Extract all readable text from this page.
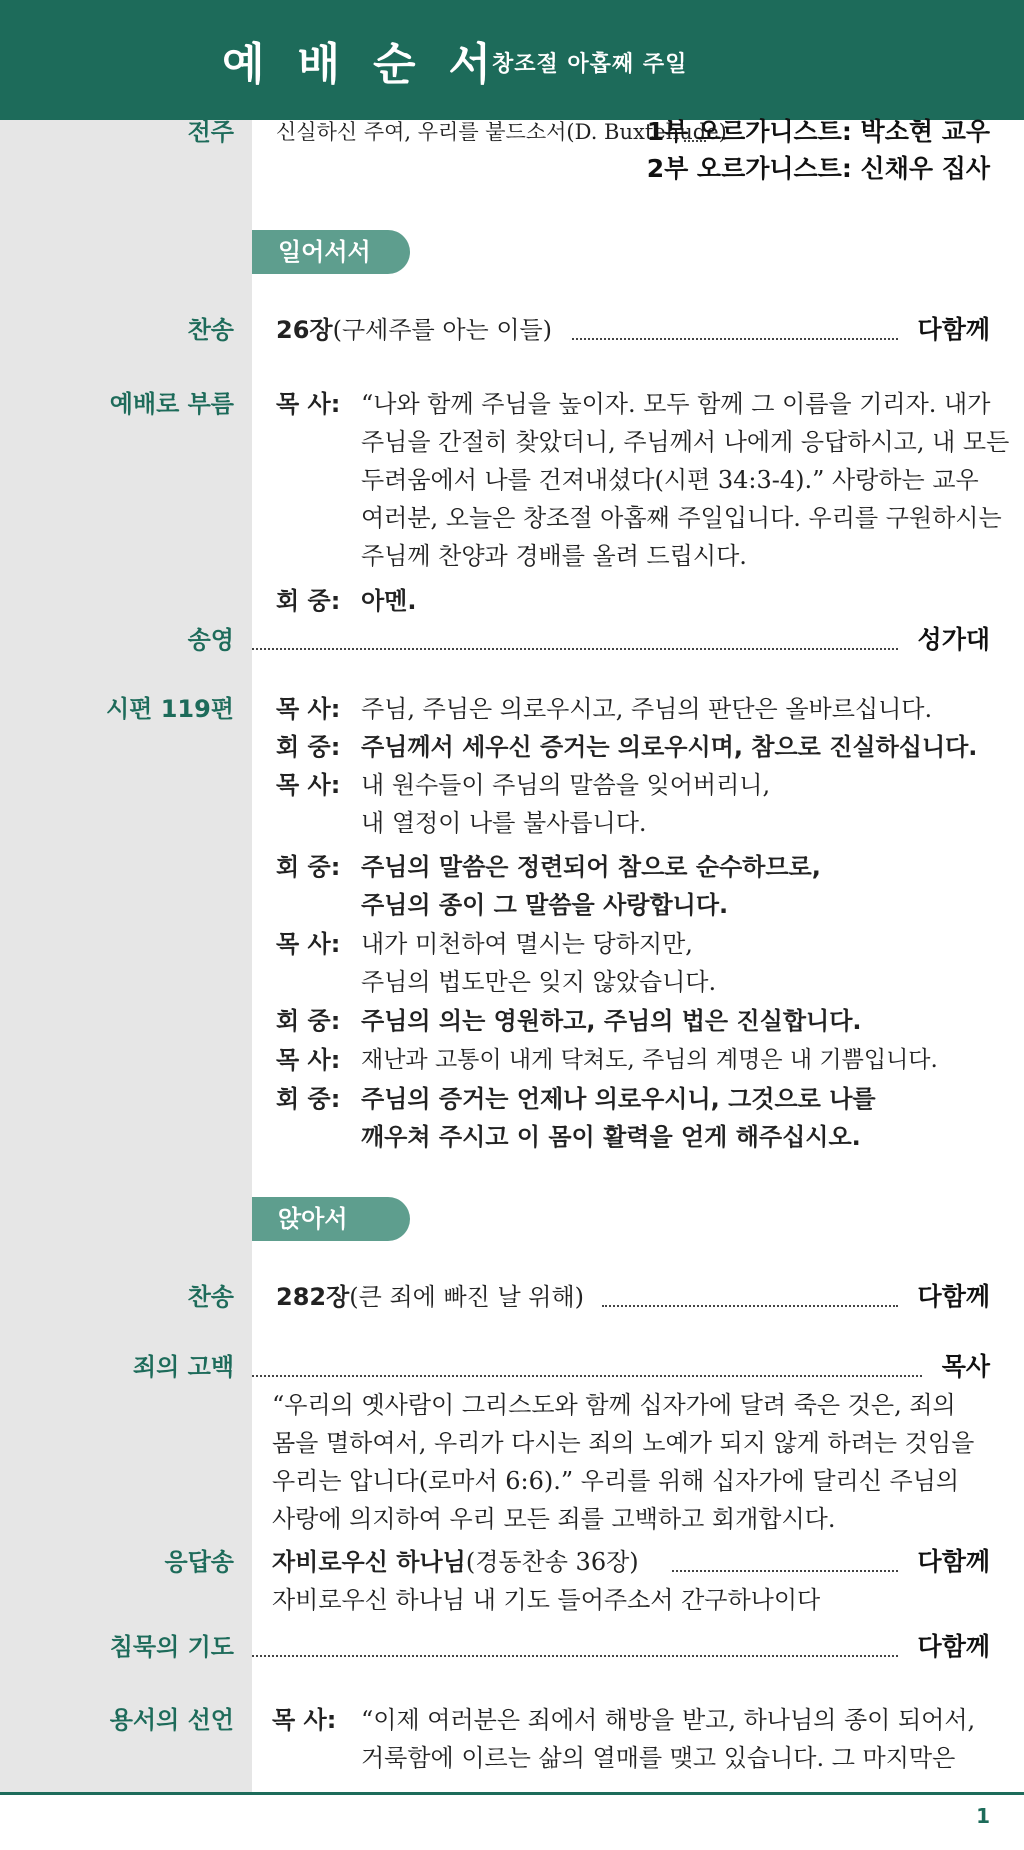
예배순서
창조절 아홉째 주일
전주 신실하신 주여, 우리를 붙드소서(D. Buxtehude)
1부 오르가니스트: 박소현 교우
2부 오르가니스트: 신채우 집사
일어서서
찬송 26장(구세주를 아는 이들)	다함께
예배로 부름 목 사: “나와 함께 주님을 높이자. 모두 함께 그 이름을 기리자. 내가
주님을 간절히 찾았더니, 주님께서 나에게 응답하시고, 내 모든
두려움에서 나를 건져내셨다(시편 34:3-4).” 사랑하는 교우
여러분, 오늘은 창조절 아홉째 주일입니다. 우리를 구원하시는
주님께 찬양과 경배를 올려 드립시다.
회 중: 아멘.
송영	성가대
시편 119편 목 사: 주님, 주님은 의로우시고, 주님의 판단은 올바르십니다.
회 중: 주님께서 세우신 증거는 의로우시며, 참으로 진실하십니다.
목 사: 내 원수들이 주님의 말씀을 잊어버리니,
내 열정이 나를 불사릅니다.
회 중: 주님의 말씀은 정련되어 참으로 순수하므로,
주님의 종이 그 말씀을 사랑합니다.
목 사: 내가 미천하여 멸시는 당하지만,
주님의 법도만은 잊지 않았습니다.
회 중: 주님의 의는 영원하고, 주님의 법은 진실합니다.
목 사: 재난과 고통이 내게 닥쳐도, 주님의 계명은 내 기쁨입니다.
회 중: 주님의 증거는 언제나 의로우시니, 그것으로 나를
깨우쳐 주시고 이 몸이 활력을 얻게 해주십시오.
앉아서
찬송 282장(큰 죄에 빠진 날 위해)	다함께
죄의 고백	목사
“우리의 옛사람이 그리스도와 함께 십자가에 달려 죽은 것은, 죄의
몸을 멸하여서, 우리가 다시는 죄의 노예가 되지 않게 하려는 것임을
우리는 압니다(로마서 6:6).” 우리를 위해 십자가에 달리신 주님의
사랑에 의지하여 우리 모든 죄를 고백하고 회개합시다.
응답송 자비로우신 하나님(경동찬송 36장)	다함께
자비로우신 하나님 내 기도 들어주소서 간구하나이다
침묵의 기도	다함께
용서의 선언 목 사: “이제 여러분은 죄에서 해방을 받고, 하나님의 종이 되어서,
거룩함에 이르는 삶의 열매를 맺고 있습니다. 그 마지막은
1
